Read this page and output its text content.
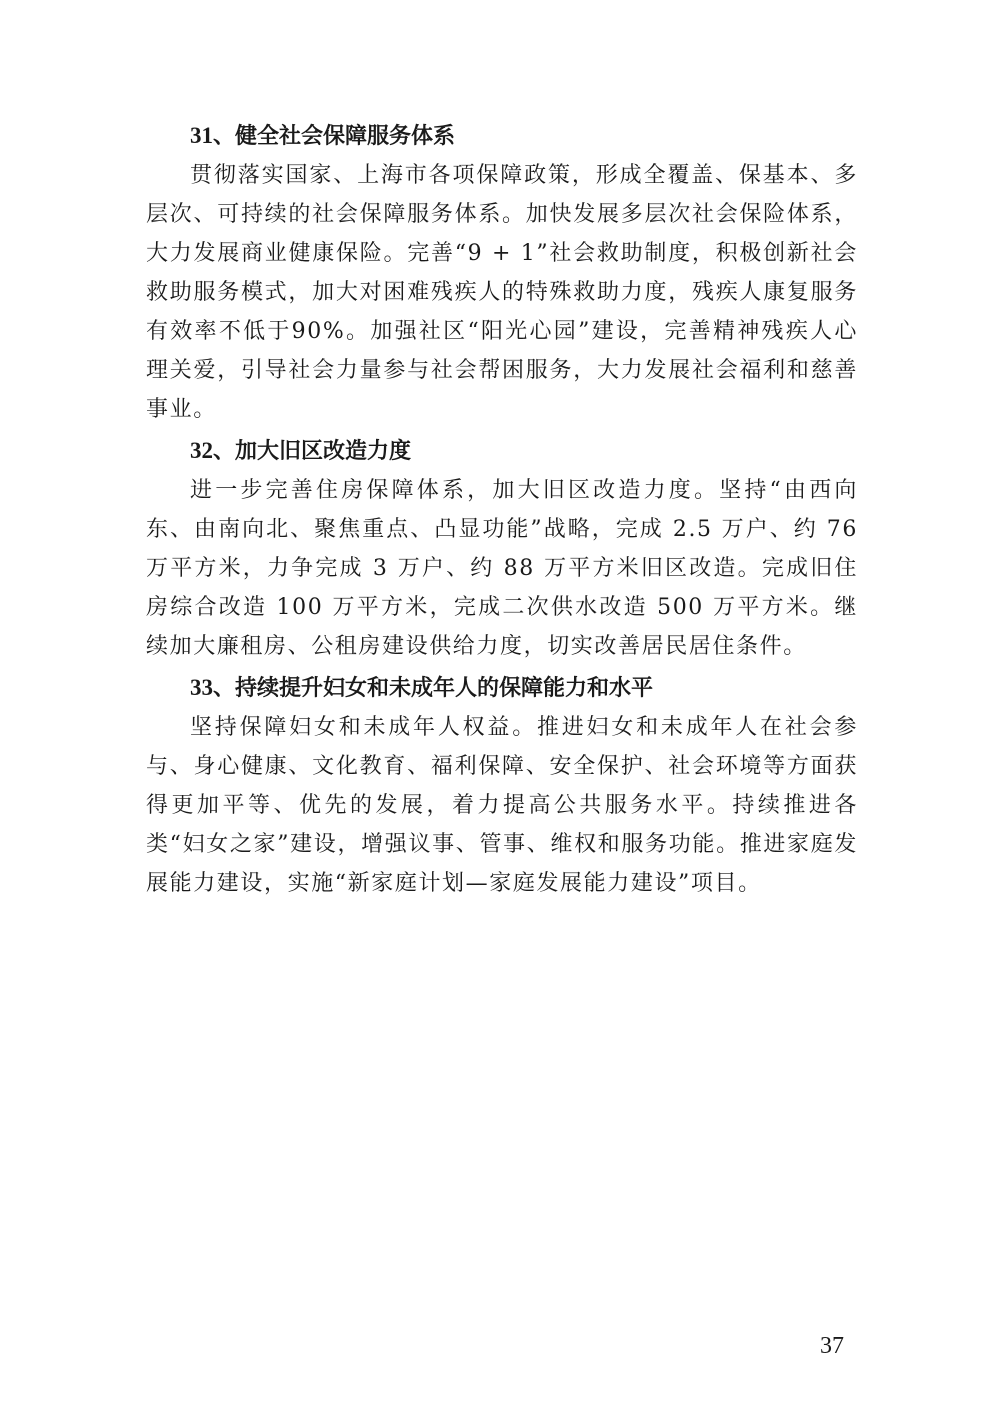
31、健全社会保障服务体系

贯彻落实国家、上海市各项保障政策，形成全覆盖、保基本、多层次、可持续的社会保障服务体系。加快发展多层次社会保险体系，大力发展商业健康保险。完善“9 + 1”社会救助制度，积极创新社会救助服务模式，加大对困难残疾人的特殊救助力度，残疾人康复服务有效率不低于90%。加强社区“阳光心园”建设，完善精神残疾人心理关爱，引导社会力量参与社会帮困服务，大力发展社会福利和慈善事业。

32、加大旧区改造力度

进一步完善住房保障体系，加大旧区改造力度。坚持“由西向东、由南向北、聚焦重点、凸显功能”战略，完成 2.5 万户、约 76 万平方米，力争完成 3 万户、约 88 万平方米旧区改造。完成旧住房综合改造 100 万平方米，完成二次供水改造 500 万平方米。继续加大廉租房、公租房建设供给力度，切实改善居民居住条件。

33、持续提升妇女和未成年人的保障能力和水平

坚持保障妇女和未成年人权益。推进妇女和未成年人在社会参与、身心健康、文化教育、福利保障、安全保护、社会环境等方面获得更加平等、优先的发展，着力提高公共服务水平。持续推进各类“妇女之家”建设，增强议事、管事、维权和服务功能。推进家庭发展能力建设，实施“新家庭计划—家庭发展能力建设”项目。

37
